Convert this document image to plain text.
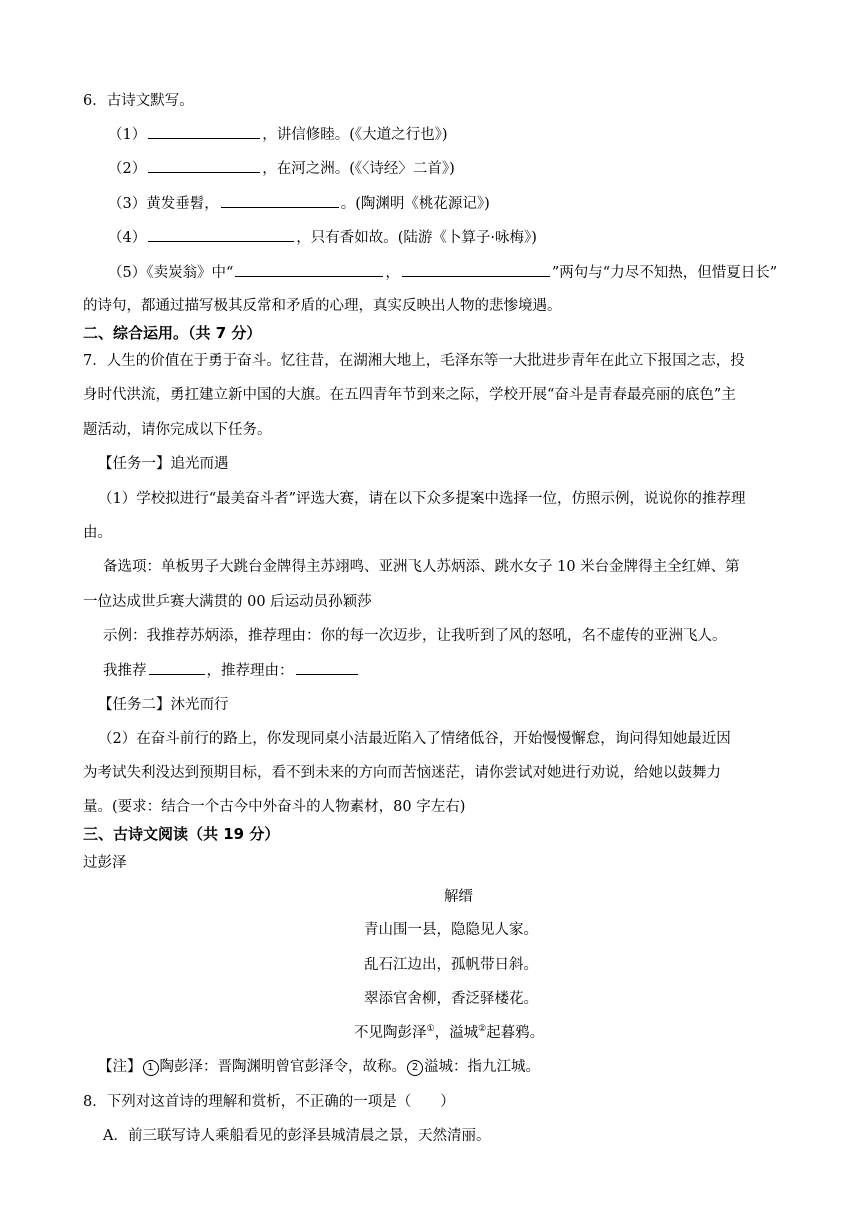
6．古诗文默写。
（1）	，讲信修睦。(《大道之行也》)
（2）	，在河之洲。(《〈诗经〉二首》)
（3）黄发垂髫，	。(陶渊明《桃花源记》)
（4）	，只有香如故。(陆游《卜算子·咏梅》)
（5）《卖炭翁》中“	，	”两句与“力尽不知热，但惜夏日长”
的诗句，都通过描写极其反常和矛盾的心理，真实反映出人物的悲惨境遇。
二、综合运用。（共 7 分）
7．人生的价值在于勇于奋斗。忆往昔，在湖湘大地上，毛泽东等一大批进步青年在此立下报国之志，投
身时代洪流，勇扛建立新中国的大旗。在五四青年节到来之际，学校开展“奋斗是青春最亮丽的底色”主
题活动，请你完成以下任务。
【任务一】追光而遇
（1）学校拟进行“最美奋斗者”评选大赛，请在以下众多提案中选择一位，仿照示例，说说你的推荐理
由。
备选项：单板男子大跳台金牌得主苏翊鸣、亚洲飞人苏炳添、跳水女子 10 米台金牌得主全红婵、第
一位达成世乒赛大满贯的 00 后运动员孙颖莎
示例：我推荐苏炳添，推荐理由：你的每一次迈步，让我听到了风的怒吼，名不虚传的亚洲飞人。
我推荐	，推荐理由：
【任务二】沐光而行
（2）在奋斗前行的路上，你发现同桌小洁最近陷入了情绪低谷，开始慢慢懈怠，询问得知她最近因
为考试失利没达到预期目标，看不到未来的方向而苦恼迷茫，请你尝试对她进行劝说，给她以鼓舞力
量。(要求：结合一个古今中外奋斗的人物素材，80 字左右)
三、古诗文阅读（共 19 分）
过彭泽
解缙
青山围一县，隐隐见人家。
乱石江边出，孤帆带日斜。
翠添官舍柳，香泛驿楼花。
不见陶彭泽①，溢城②起暮鸦。
【注】 1 陶彭泽：晋陶渊明曾官彭泽令，故称。 2 溢城：指九江城。
8．下列对这首诗的理解和赏析，不正确的一项是（　　）
A．前三联写诗人乘船看见的彭泽县城清晨之景，天然清丽。
